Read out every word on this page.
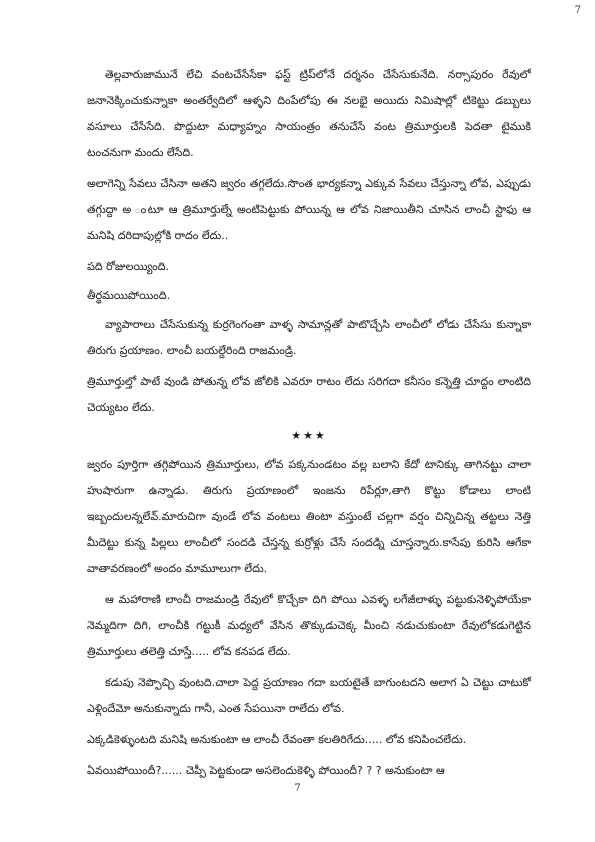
7

తెల్లవారుజామునే లేచి వంటచేసేసేకా ఫస్ట్ ట్రిప్‌లోనే దర్శనం చేసేసుకునేది. నర్సాపురం రేవులో జనానెక్కించుకున్నాకా అంతర్వేదిలో ఆళ్ళని దింపేలోపు ఈ నలభై అయిదు నిమిషాల్లో టికెట్టు డబ్బులు వసూలు చేసేసేది. పొద్దుటా మధ్యాహ్నం సాయంత్రం తనుచేసే వంట త్రిమూర్తులకి పెదతా టైముకి టంచనుగా మందు లేసేది.

అలాగెన్ని సేవలు చేసినా అతని జ్వరం తగ్గలేదు.సొంత భార్యకన్నా ఎక్కువ సేవలు చేస్తున్నా లోవ, ఎప్పుడు తగ్గుద్దా అ ంటూ ఆ త్రిమూర్తుల్నే అంటిపెట్టుకు పోయిన్న ఆ లోవ నిజాయితీని చూసిన లాంచీ స్టాఫు ఆ మనిషి దరిదాపుల్లోకి రాదం లేదు..

పది రోజులయ్యింది.

తీర్థమయిపోయింది.

వ్యాపారాలు చేసేసుకున్న కుర్రగెంగంతా వాళ్ళ సామాన్లతో పాటొచ్చేసి లాంచీలో లోడు చేసేసు కున్నాకా తిరుగు ప్రయాణం. లాంచీ బయల్దేరింది రాజమండ్రి.

త్రిమూర్తుల్తో పాటే వుండి పోతున్న లోవ జోలికి ఎవరూ రాటం లేదు సరిగదా కనీసం కన్నెత్తి చూద్దం లాంటిది చెయ్యటం లేదు.

★★★

జ్వరం పూర్తిగా తగ్గిపోయిన త్రిమూర్తులు, లోవ పక్కనుండటం వల్ల బలాని కేదో టానిక్కు తాగినట్టు చాలా హుషారుగా ఉన్నాడు. తిరుగు ప్రయాణంలో ఇంజను రిపేర్లూ,తాగి కొట్టు కోడాలు లాంటి ఇబ్బందులన్నలేవ్.మారుచిగా వుండే లోవ వంటలు తింటా వస్తుంటే చల్లగా వర్షం చిన్నిచిన్న తట్టలు నెత్తి మీదెట్టు కున్న పిల్లలు లాంచీలో సందడి చేస్తన్న కుర్రోళ్లు చేసే సందడ్ని చూస్తన్నారు.కాసేపు కురిసి ఆగేకా వాతావరణంలో అందం మామూలుగా లేదు.

ఆ మహారాణి లాంచీ రాజమండ్రి రేవులో కొచ్చేకా దిగి పోయి ఎవళ్ళ లగేజీలాళ్ళు పట్టుకునెళ్ళిపోయేకా నెమ్మదిగా దిగి, లాంచీకి గట్టుకీ మధ్యలో వేసిన తొక్కుడుచెక్క మీంచి నడుచుకుంటా రేవులోకడుగెట్టిన త్రిమూర్తులు తలెత్తి చూస్తే..... లోవ కనపడ లేదు.

కడుపు నెప్పొచ్చి వుంటది.చాలా పెద్ద ప్రయాణం గదా బయటైతే బాగుంటదని అలాగ ఏ చెట్టు చాటుకో ఎళ్లిందేమో అనుకున్నాదు గానీ, ఎంత సేపయినా రాలేదు లోవ.

ఎక్కడికెళ్ళుంటది మనిషి అనుకుంటా ఆ లాంచీ రేవంతా కలతిరిగేదు..... లోవ కనిపించలేదు.

ఏవయిపోయిందీ?...... చెప్పీ పెట్టకుండా అసలెందుకెళ్ళి పోయిందీ? ? ? అనుకుంటా ఆ

7
